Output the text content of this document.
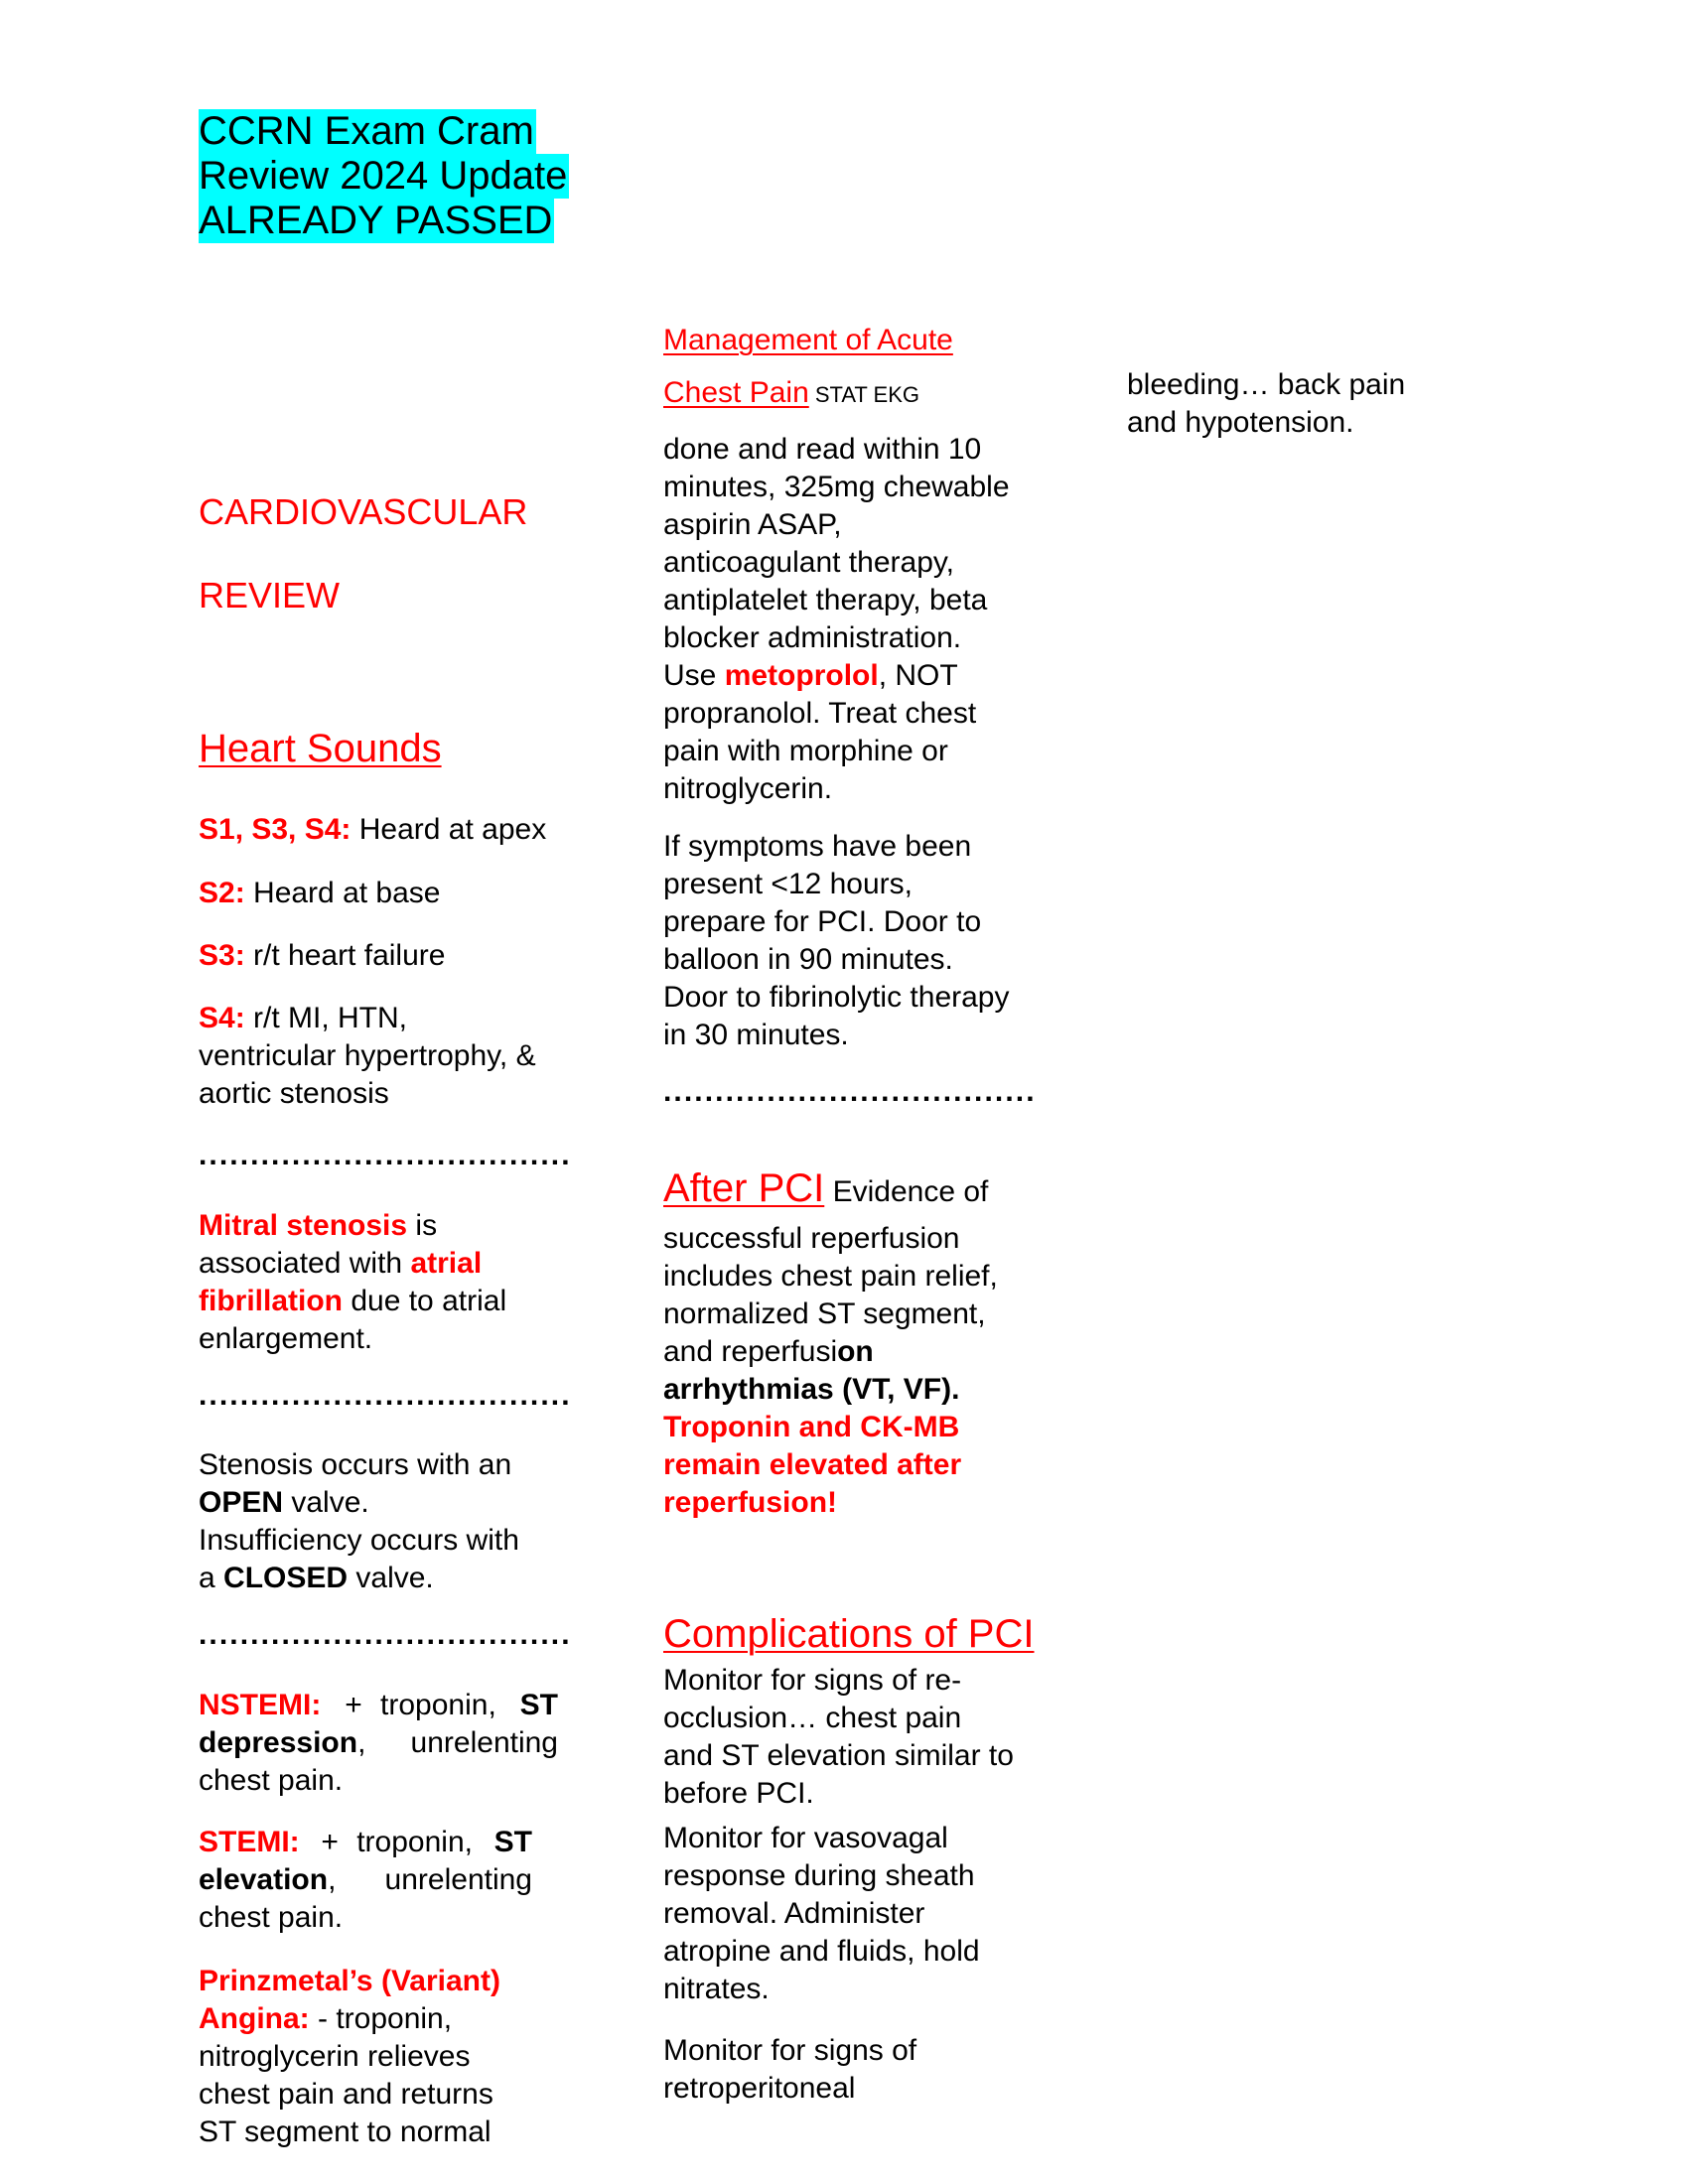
CCRN Exam Cram
Review 2024 Update
ALREADY PASSED
CARDIOVASCULAR
REVIEW
Heart Sounds
S1, S3, S4: Heard at apex
S2: Heard at base
S3: r/t heart failure
S4: r/t MI, HTN,
ventricular hypertrophy, &
aortic stenosis
....................................
Mitral stenosis is
associated with atrial
fibrillation due to atrial
enlargement.
....................................
Stenosis occurs with an
OPEN valve.
Insufficiency occurs with
a CLOSED valve.
....................................
NSTEMI: + troponin, ST
depression, unrelenting
chest pain.
STEMI: + troponin, ST
elevation, unrelenting
chest pain.
Prinzmetal’s (Variant)
Angina: - troponin,
nitroglycerin relieves
chest pain and returns
ST segment to normal
Management of Acute
Chest Pain STAT EKG
done and read within 10
minutes, 325mg chewable
aspirin ASAP,
anticoagulant therapy,
antiplatelet therapy, beta
blocker administration.
Use metoprolol, NOT
propranolol. Treat chest
pain with morphine or
nitroglycerin.
If symptoms have been
present <12 hours,
prepare for PCI. Door to
balloon in 90 minutes.
Door to fibrinolytic therapy
in 30 minutes.
....................................
After PCI Evidence of
successful reperfusion
includes chest pain relief,
normalized ST segment,
and reperfusion
arrhythmias (VT, VF).
Troponin and CK-MB
remain elevated after
reperfusion!
Complications of PCI
Monitor for signs of re-
occlusion… chest pain
and ST elevation similar to
before PCI.
Monitor for vasovagal
response during sheath
removal. Administer
atropine and fluids, hold
nitrates.
Monitor for signs of
retroperitoneal
bleeding… back pain
and hypotension.
